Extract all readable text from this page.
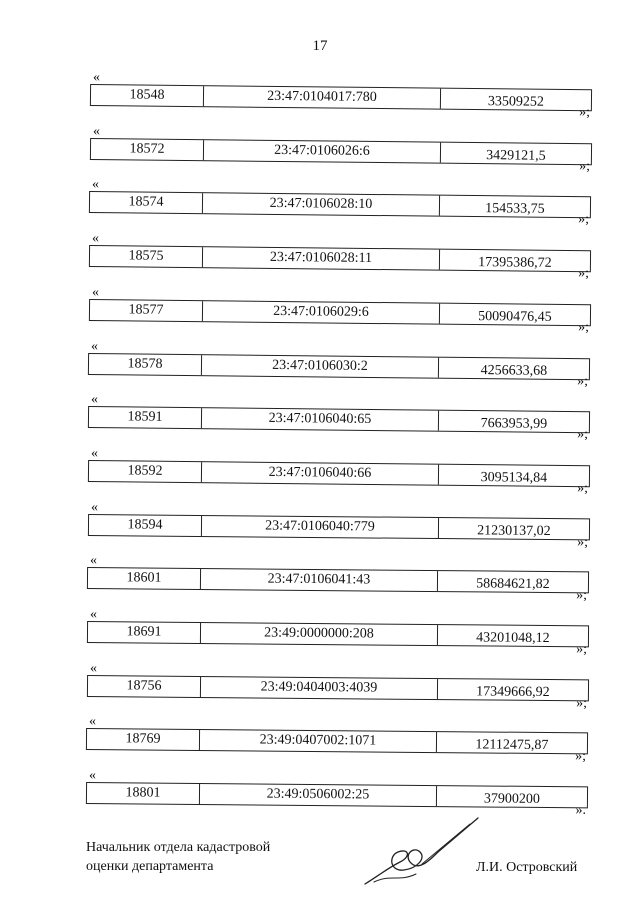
17
«
18548	23:47:0104017:780	33509252
»;
«
18572	23:47:0106026:6	3429121,5
»;
«
18574	23:47:0106028:10	154533,75
»;
«
18575	23:47:0106028:11	17395386,72
»;
«
18577	23:47:0106029:6	50090476,45
»;
«
18578	23:47:0106030:2	4256633,68
»;
«
18591	23:47:0106040:65	7663953,99
»;
«
18592	23:47:0106040:66	3095134,84
»;
«
18594	23:47:0106040:779	21230137,02
»;
«
18601	23:47:0106041:43	58684621,82
»;
«
18691	23:49:0000000:208	43201048,12
»;
«
18756	23:49:0404003:4039	17349666,92
»;
«
18769	23:49:0407002:1071	12112475,87
»;
«
18801	23:49:0506002:25	37900200
».
Начальник отдела кадастровой
оценки департамента	Л.И. Островский
